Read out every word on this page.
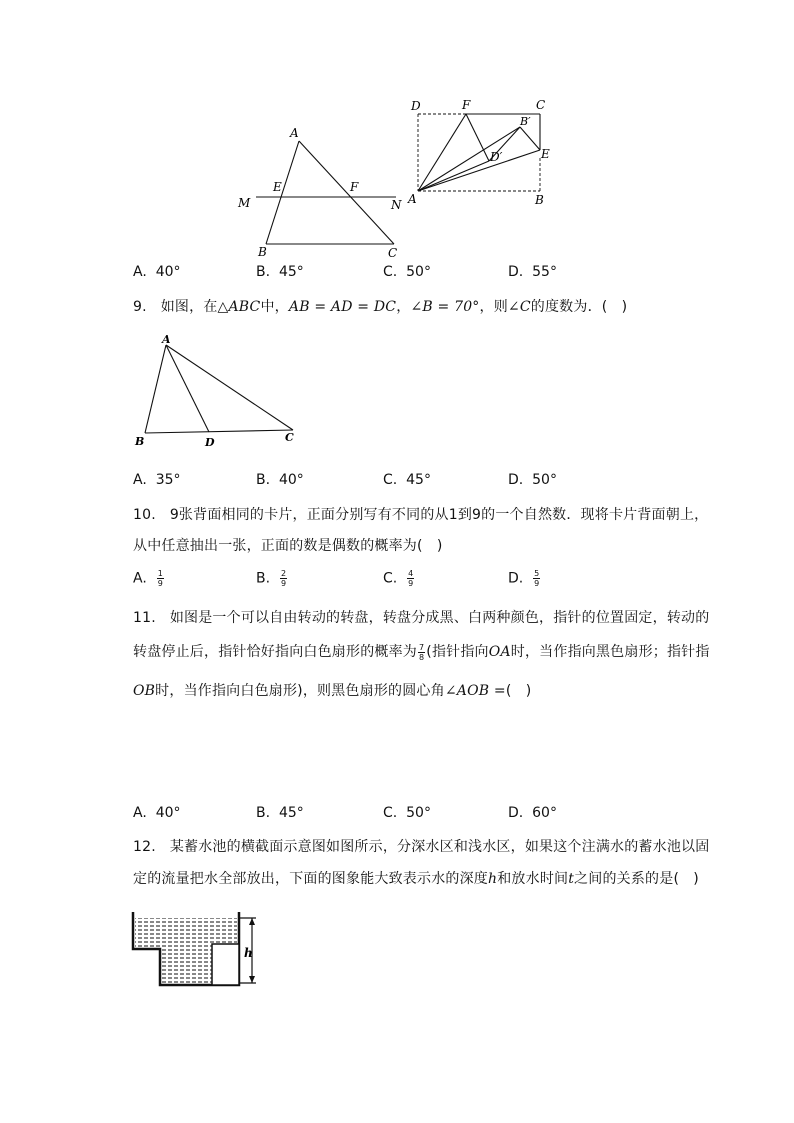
A
B	C
E	F
M	N
D	F	C
B′
D′	E
A	B
A. 40°	B. 45°	C. 50°	D. 55°
9. 如图，在△ABC中，AB = AD = DC，∠B = 70°，则∠C的度数为．(　)
A
B	D	C
A. 35°	B. 40°	C. 45°	D. 50°
10. 9张背面相同的卡片，正面分别写有不同的从1到9的一个自然数．现将卡片背面朝上，
从中任意抽出一张，正面的数是偶数的概率为(　)
A. $\frac{1}{9}$	B. $\frac{2}{9}$	C. $\frac{4}{9}$	D. $\frac{5}{9}$
11. 如图是一个可以自由转动的转盘，转盘分成黑、白两种颜色，指针的位置固定，转动的
转盘停止后，指针恰好指向白色扇形的概率为 $\frac{7}{8}$ (指针指向OA时，当作指向黑色扇形；指针指
OB时，当作指向白色扇形)，则黑色扇形的圆心角∠AOB =(　)
A. 40°	B. 45°	C. 50°	D. 60°
12. 某蓄水池的横截面示意图如图所示，分深水区和浅水区，如果这个注满水的蓄水池以固
定的流量把水全部放出，下面的图象能大致表示水的深度h和放水时间t之间的关系的是(　)
h
